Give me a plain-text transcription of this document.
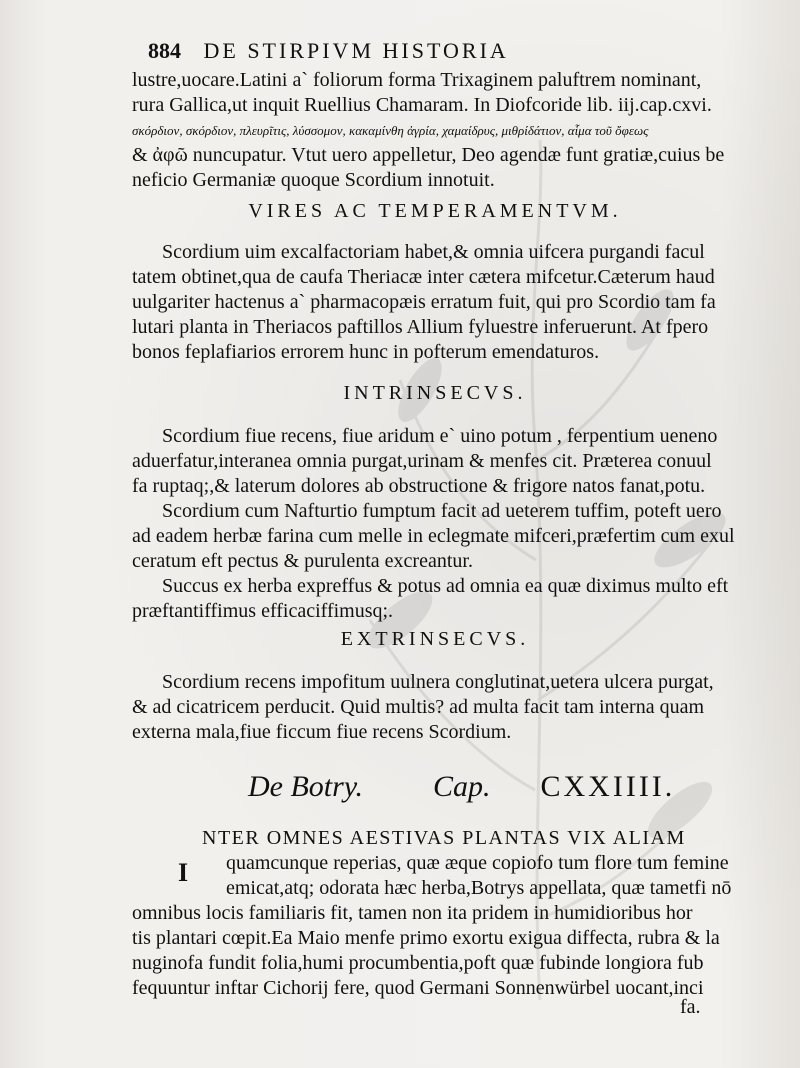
884 DE STIRPIVM HISTORIA
lustre,uocare.Latini a` foliorum forma Trixaginem paluftrem nominant,
rura Gallica,ut inquit Ruellius Chamaram. In Diofcoride lib. iij.cap.cxvi.
σκόρδιον, σκόρδιον, πλευρῖτις, λύσσομον, κακαμίνθη ἀγρία, χαμαίδρυς, μιθρίδάτιον, αἷμα τοῦ ὄφεως
& ἀφῶ nuncupatur. Vtut uero appelletur, Deo agendæ funt gratiæ,cuius be
neficio Germaniæ quoque Scordium innotuit.
VIRES AC TEMPERAMENTVM.
Scordium uim excalfactoriam habet,& omnia uifcera purgandi facul
tatem obtinet,qua de caufa Theriacæ inter cætera mifcetur.Cæterum haud
uulgariter hactenus a` pharmacopæis erratum fuit, qui pro Scordio tam fa
lutari planta in Theriacos paftillos Allium fyluestre inferuerunt. At fpero
bonos feplafiarios errorem hunc in pofterum emendaturos.
INTRINSECVS.
Scordium fiue recens, fiue aridum e` uino potum , ferpentium ueneno
aduerfatur,interanea omnia purgat,urinam & menfes cit. Præterea conuul
fa ruptaq;,& laterum dolores ab obstructione & frigore natos fanat,potu.
Scordium cum Nafturtio fumptum facit ad ueterem tuffim, poteft uero
ad eadem herbæ farina cum melle in eclegmate mifceri,præfertim cum exul
ceratum eft pectus & purulenta excreantur.
Succus ex herba expreffus & potus ad omnia ea quæ diximus multo eft
præftantiffimus efficaciffimusq;.
EXTRINSECVS.
Scordium recens impofitum uulnera conglutinat,uetera ulcera purgat,
& ad cicatricem perducit. Quid multis? ad multa facit tam interna quam
externa mala,fiue ficcum fiue recens Scordium.
De Botry. Cap. CXXIIII.
I
NTER OMNES AESTIVAS PLANTAS VIX ALIAM
quamcunque reperias, quæ æque copiofo tum flore tum femine
emicat,atq; odorata hæc herba,Botrys appellata, quæ tametfi nō
omnibus locis familiaris fit, tamen non ita pridem in humidioribus hor
tis plantari cœpit.Ea Maio menfe primo exortu exigua diffecta, rubra & la
nuginofa fundit folia,humi procumbentia,poft quæ fubinde longiora fub
fequuntur inftar Cichorij fere, quod Germani Sonnenwürbel uocant,inci
fa.
